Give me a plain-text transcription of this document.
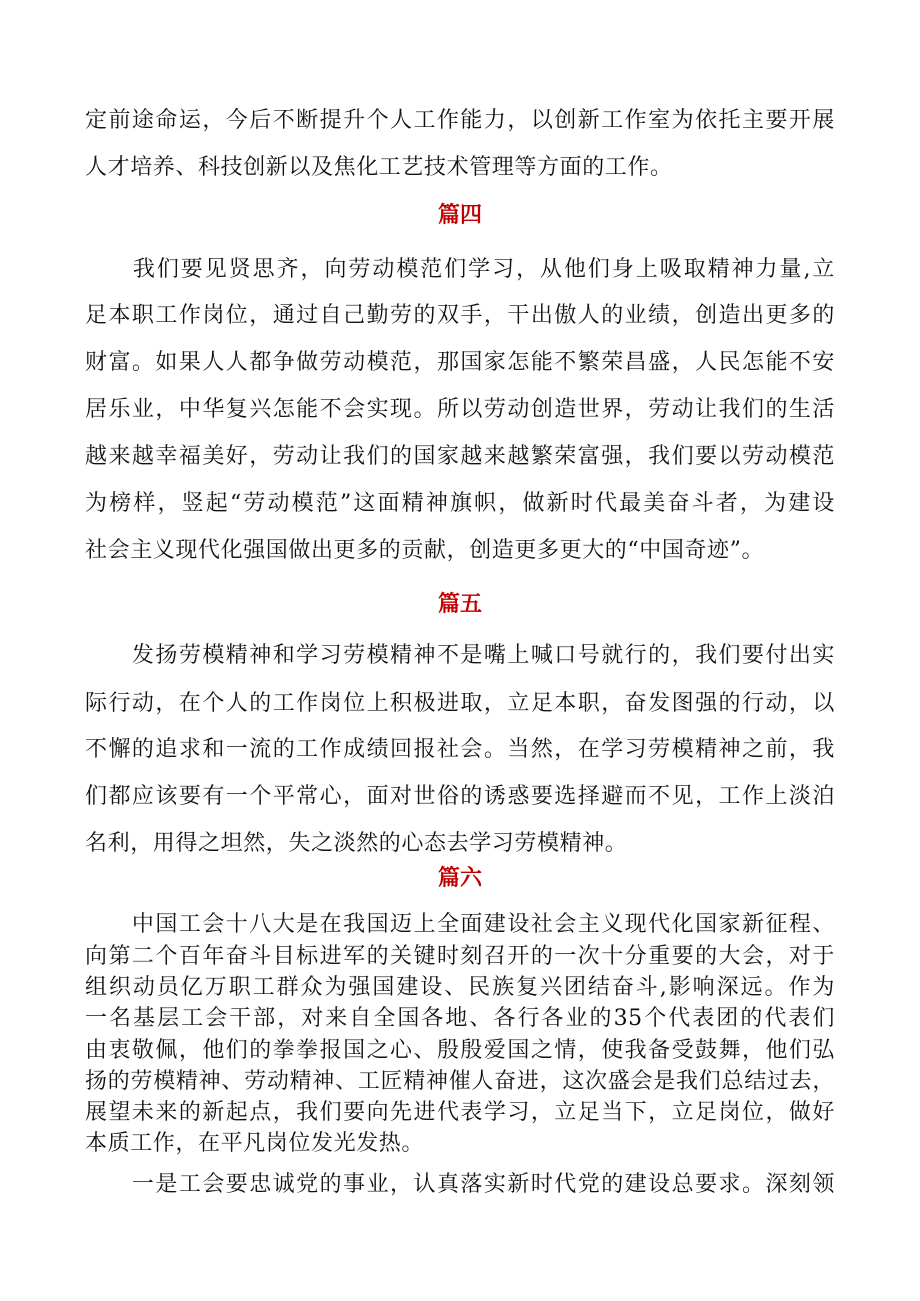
定前途命运，今后不断提升个人工作能力，以创新工作室为依托主要开展

人才培养、科技创新以及焦化工艺技术管理等方面的工作。

篇四

　　我们要见贤思齐，向劳动模范们学习，从他们身上吸取精神力量,立

足本职工作岗位，通过自己勤劳的双手，干出傲人的业绩，创造出更多的

财富。如果人人都争做劳动模范，那国家怎能不繁荣昌盛，人民怎能不安

居乐业，中华复兴怎能不会实现。所以劳动创造世界，劳动让我们的生活

越来越幸福美好，劳动让我们的国家越来越繁荣富强，我们要以劳动模范

为榜样，竖起“劳动模范”这面精神旗帜，做新时代最美奋斗者，为建设

社会主义现代化强国做出更多的贡献，创造更多更大的“中国奇迹”。

篇五

　　发扬劳模精神和学习劳模精神不是嘴上喊口号就行的，我们要付出实

际行动，在个人的工作岗位上积极进取，立足本职，奋发图强的行动，以

不懈的追求和一流的工作成绩回报社会。当然，在学习劳模精神之前，我

们都应该要有一个平常心，面对世俗的诱惑要选择避而不见，工作上淡泊

名利，用得之坦然，失之淡然的心态去学习劳模精神。

篇六

　　中国工会十八大是在我国迈上全面建设社会主义现代化国家新征程、

向第二个百年奋斗目标进军的关键时刻召开的一次十分重要的大会，对于

组织动员亿万职工群众为强国建设、民族复兴团结奋斗,影响深远。作为

一名基层工会干部，对来自全国各地、各行各业的35个代表团的代表们

由衷敬佩，他们的拳拳报国之心、殷殷爱国之情，使我备受鼓舞，他们弘

扬的劳模精神、劳动精神、工匠精神催人奋进，这次盛会是我们总结过去，

展望未来的新起点，我们要向先进代表学习，立足当下，立足岗位，做好

本质工作，在平凡岗位发光发热。

　　一是工会要忠诚党的事业，认真落实新时代党的建设总要求。深刻领
